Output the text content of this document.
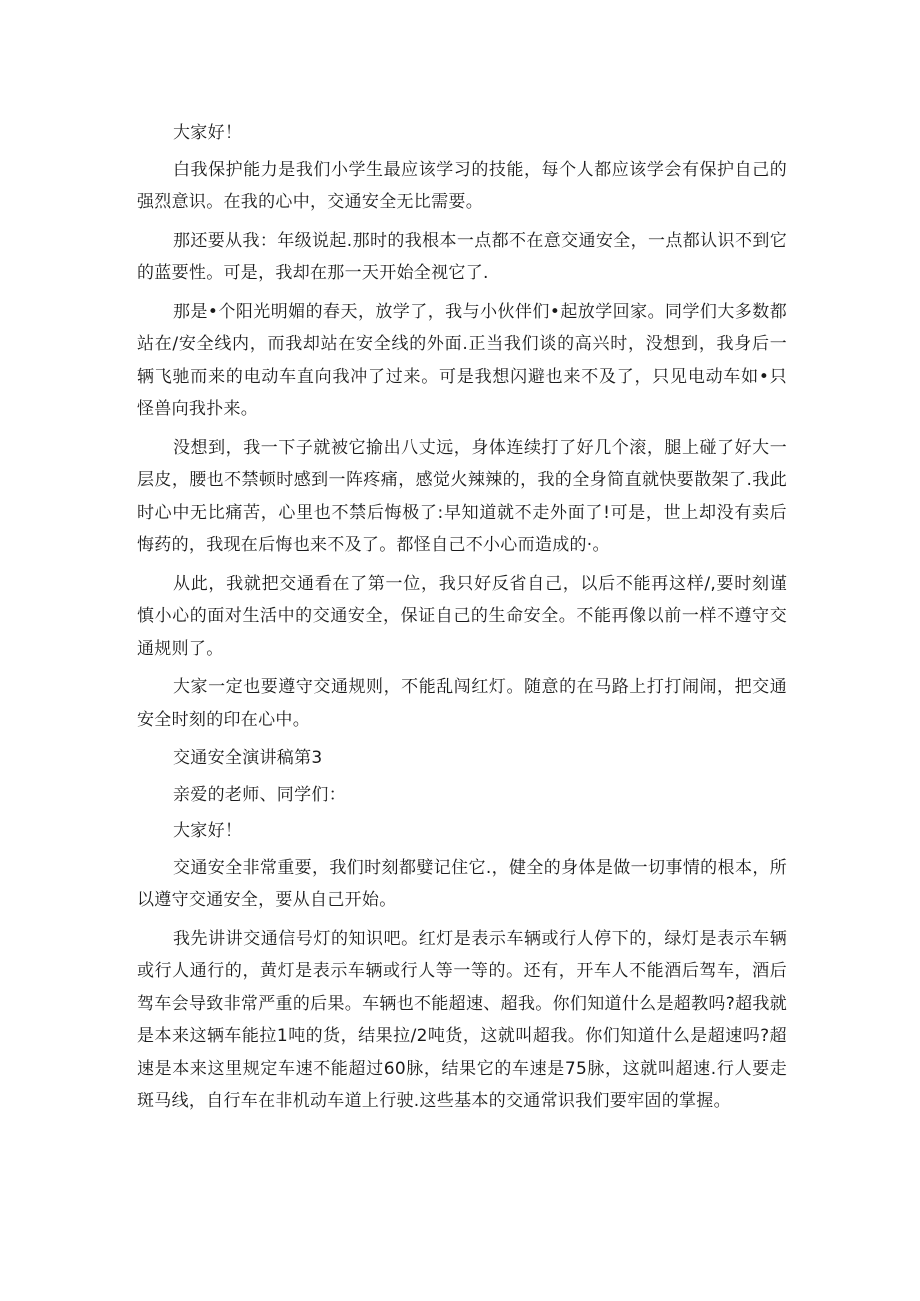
大家好！

白我保护能力是我们小学生最应该学习的技能，每个人都应该学会有保护自己的强烈意识。在我的心中，交通安全无比需要。

那还要从我：年级说起.那时的我根本一点都不在意交通安全，一点都认识不到它的蓝要性。可是，我却在那一天开始全视它了.

那是•个阳光明媚的春天，放学了，我与小伙伴们•起放学回家。同学们大多数都站在/安全线内，而我却站在安全线的外面.正当我们谈的高兴时，没想到，我身后一辆飞驰而来的电动车直向我冲了过来。可是我想闪避也来不及了，只见电动车如•只怪兽向我扑来。

没想到，我一下子就被它揄出八丈远，身体连续打了好几个滚，腿上碰了好大一层皮，腰也不禁顿时感到一阵疼痛，感觉火辣辣的，我的全身简直就快要散架了.我此时心中无比痛苦，心里也不禁后悔极了:早知道就不走外面了!可是，世上却没有卖后悔药的，我现在后悔也来不及了。都怪自己不小心而造成的·。

从此，我就把交通看在了第一位，我只好反省自己，以后不能再这样/,要时刻谨慎小心的面对生活中的交通安全，保证自己的生命安全。不能再像以前一样不遵守交通规则了。

大家一定也要遵守交通规则，不能乱闯红灯。随意的在马路上打打闹闹，把交通安全时刻的印在心中。

交通安全演讲稿第3

亲爱的老师、同学们：

大家好！

交通安全非常重要，我们时刻都嬖记住它.，健全的身体是做一切事情的根本，所以遵守交通安全，要从自己开始。

我先讲讲交通信号灯的知识吧。红灯是表示车辆或行人停下的，绿灯是表示车辆或行人通行的，黄灯是表示车辆或行人等一等的。还有，开车人不能酒后驾车，酒后驾车会导致非常严重的后果。车辆也不能超速、超我。你们知道什么是超教吗?超我就是本来这辆车能拉1吨的货，结果拉/2吨货，这就叫超我。你们知道什么是超速吗?超速是本来这里规定车速不能超过60脉，结果它的车速是75脉，这就叫超速.行人要走斑马线，自行车在非机动车道上行驶.这些基本的交通常识我们要牢固的掌握。
